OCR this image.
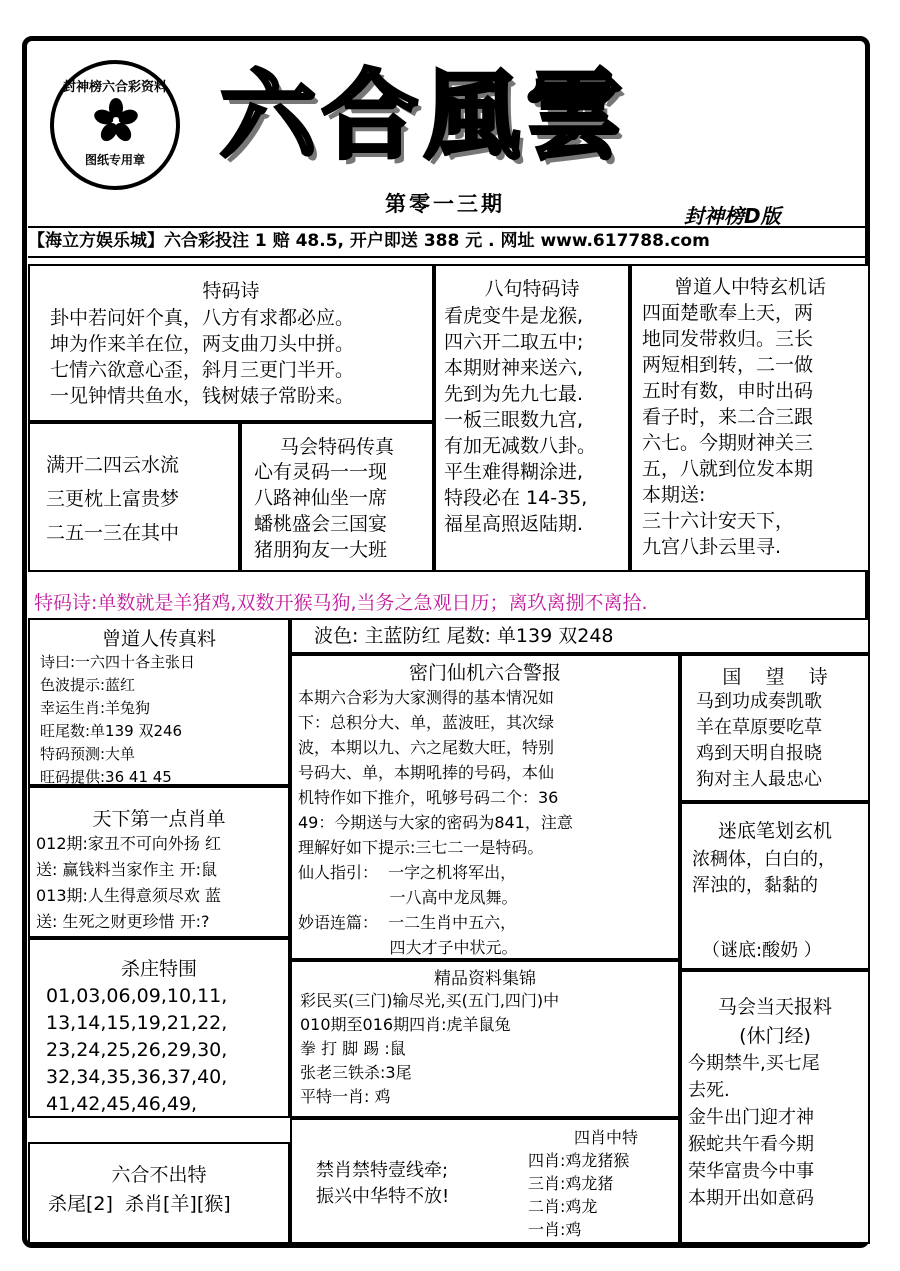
封神榜六合彩资料
图纸专用章 六合風雲
第零一三期	封神榜D版
【海立方娱乐城】六合彩投注 1 赔 48.5, 开户即送 388 元 . 网址 www.617788.com
特码诗
卦中若问奸个真，八方有求都必应。
坤为作来羊在位，两支曲刀头中拼。
七情六欲意心歪，斜月三更门半开。
一见钟情共鱼水，钱树婊子常盼来。
八句特码诗
看虎变牛是龙猴,
四六开二取五中;
本期财神来送六,
先到为先九七最.
一板三眼数九宫,
有加无减数八卦。
平生难得糊涂进,
特段必在 14-35,
福星高照返陆期.
曾道人中特玄机话
四面楚歌奉上天，两
地同发带救归。三长
两短相到转，二一做
五时有数，申时出码
看子时，来二合三跟
六七。今期财神关三
五，八就到位发本期
本期送:
三十六计安天下，
九宫八卦云里寻.
满开二四云水流
三更枕上富贵梦
二五一三在其中
马会特码传真
心有灵码一一现
八路神仙坐一席
蟠桃盛会三国宴
猪朋狗友一大班
特码诗:单数就是羊猪鸡,双数开猴马狗,当务之急观日历；离玖离捌不离拾.
曾道人传真料
诗曰:一六四十各主张日
色波提示:蓝红
幸运生肖:羊兔狗
旺尾数:单139 双246
特码预测:大单
旺码提供:36 41 45
波色: 主蓝防红 尾数: 单139 双248
密门仙机六合警报
本期六合彩为大家测得的基本情况如
下：总积分大、单，蓝波旺，其次绿
波，本期以九、六之尾数大旺，特别
号码大、单，本期吼捧的号码，本仙
机特作如下推介，吼够号码二个：36
49：今期送与大家的密码为841，注意
理解好如下提示:三七二一是特码。
仙人指引：  一字之机将军出，
一八高中龙凤舞。
妙语连篇：  一二生肖中五六，
四大才子中状元。
国    望    诗
马到功成奏凯歌
羊在草原要吃草
鸡到天明自报晓
狗对主人最忠心
天下第一点肖单
012期:家丑不可向外扬 红
送: 赢钱料当家作主 开:鼠
013期:人生得意须尽欢 蓝
送: 生死之财更珍惜 开:?
迷底笔划玄机
浓稠体，白白的，
浑浊的，黏黏的
（谜底:酸奶 ）
杀庄特围
01,03,06,09,10,11,
13,14,15,19,21,22,
23,24,25,26,29,30,
32,34,35,36,37,40,
41,42,45,46,49,
精品资料集锦
彩民买(三门)输尽光,买(五门,四门)中
010期至016期四肖:虎羊鼠兔
拳 打 脚 踢 :鼠
张老三铁杀:3尾
平特一肖: 鸡
马会当天报料
(休门经)
今期禁牛,买七尾
去死.
金牛出门迎才神
猴蛇共午看今期
荣华富贵今中事
本期开出如意码
六合不出特
杀尾[2]  杀肖[羊][猴]
禁肖禁特壹线牵;
振兴中华特不放!
四肖中特
四肖:鸡龙猪猴
三肖:鸡龙猪
二肖:鸡龙
一肖:鸡
